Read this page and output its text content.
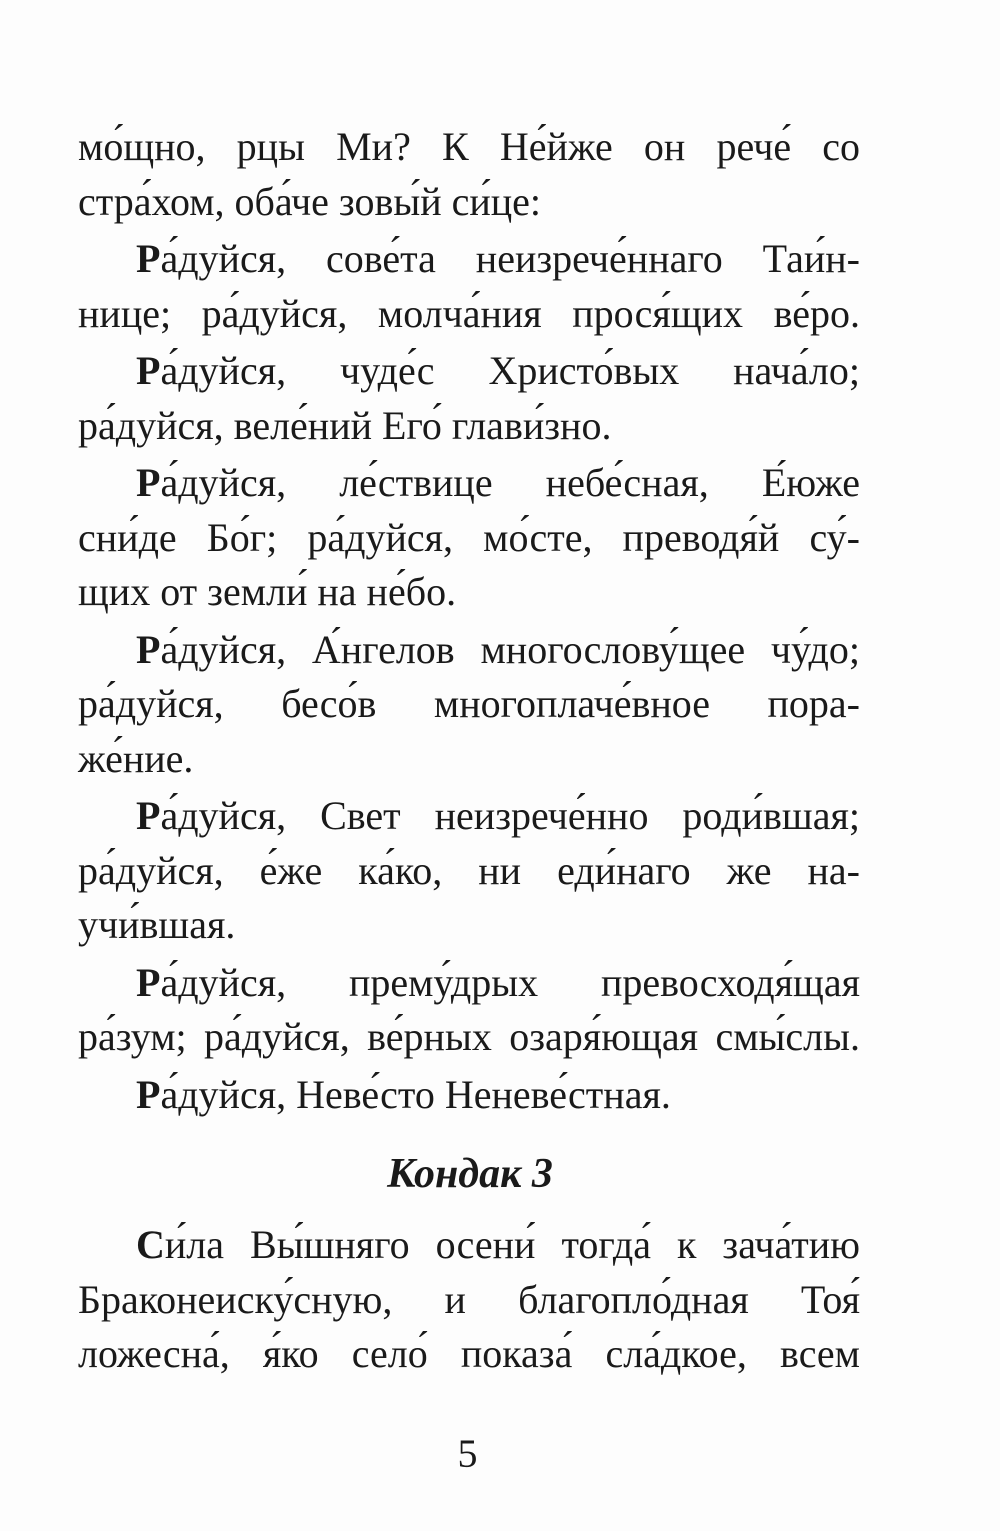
мо́щно, рцы Ми? К Не́йже он рече́ со
стра́хом, оба́че зовы́й си́це:
Ра́дуйся, сове́та неизрече́ннаго Таи́н-
нице; ра́дуйся, молча́ния прося́щих ве́ро.
Ра́дуйся, чуде́с Христо́вых нача́ло;
ра́дуйся, веле́ний Его́ глави́зно.
Ра́дуйся, ле́ствице небе́сная, Е́юже
сни́де Бо́г; ра́дуйся, мо́сте, преводя́й су́-
щих от земли́ на не́бо.
Ра́дуйся, А́нгелов многослову́щее чу́до;
ра́дуйся, бесо́в многоплаче́вное пора-
же́ние.
Ра́дуйся, Свет неизрече́нно роди́вшая;
ра́дуйся, е́же ка́ко, ни еди́наго же на-
учи́вшая.
Ра́дуйся, прему́дрых превосходя́щая
ра́зум; ра́дуйся, ве́рных озаря́ющая смы́слы.
Ра́дуйся, Неве́сто Неневе́стная.
Кондак 3
Си́ла Вы́шняго осени́ тогда́ к зача́тию
Браконеиску́сную, и благопло́дная Тоя́
ложесна́, я́ко село́ показа́ сла́дкое, всем
5
